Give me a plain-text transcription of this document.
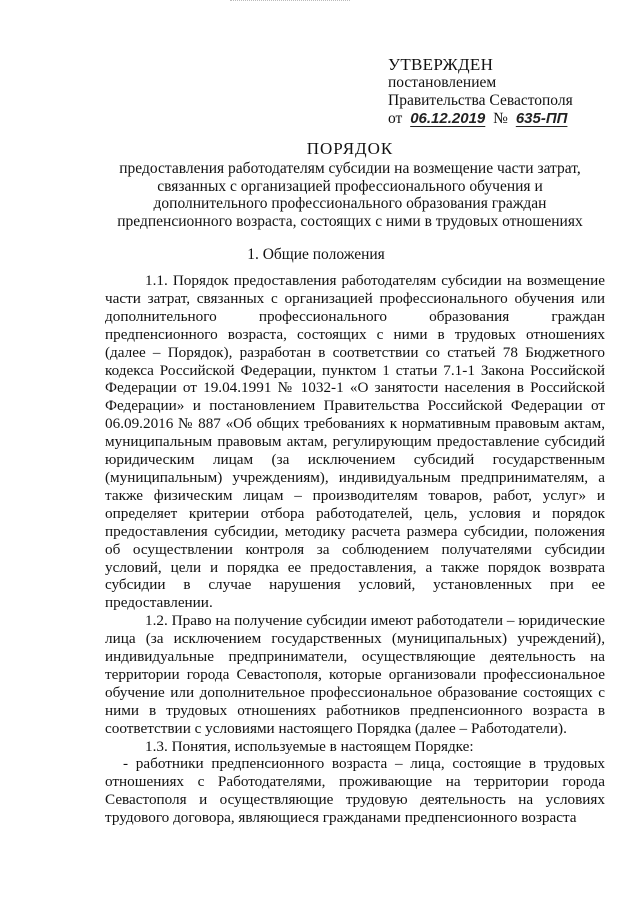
УТВЕРЖДЕН
постановлением
Правительства Севастополя
от 06.12.2019 № 635-ПП
ПОРЯДОК
предоставления работодателям субсидии на возмещение части затрат, связанных с организацией профессионального обучения и дополнительного профессионального образования граждан предпенсионного возраста, состоящих с ними в трудовых отношениях
1. Общие положения

1.1. Порядок предоставления работодателям субсидии на возмещение части затрат, связанных с организацией профессионального обучения или дополнительного профессионального образования граждан предпенсионного возраста, состоящих с ними в трудовых отношениях (далее – Порядок), разработан в соответствии со статьей 78 Бюджетного кодекса Российской Федерации, пунктом 1 статьи 7.1-1 Закона Российской Федерации от 19.04.1991 № 1032-1 «О занятости населения в Российской Федерации» и постановлением Правительства Российской Федерации от 06.09.2016 № 887 «Об общих требованиях к нормативным правовым актам, муниципальным правовым актам, регулирующим предоставление субсидий юридическим лицам (за исключением субсидий государственным (муниципальным) учреждениям), индивидуальным предпринимателям, а также физическим лицам – производителям товаров, работ, услуг» и определяет критерии отбора работодателей, цель, условия и порядок предоставления субсидии, методику расчета размера субсидии, положения об осуществлении контроля за соблюдением получателями субсидии условий, цели и порядка ее предоставления, а также порядок возврата субсидии в случае нарушения условий, установленных при ее предоставлении.

1.2. Право на получение субсидии имеют работодатели – юридические лица (за исключением государственных (муниципальных) учреждений), индивидуальные предприниматели, осуществляющие деятельность на территории города Севастополя, которые организовали профессиональное обучение или дополнительное профессиональное образование состоящих с ними в трудовых отношениях работников предпенсионного возраста в соответствии с условиями настоящего Порядка (далее – Работодатели).

1.3. Понятия, используемые в настоящем Порядке:

- работники предпенсионного возраста – лица, состоящие в трудовых отношениях с Работодателями, проживающие на территории города Севастополя и осуществляющие трудовую деятельность на условиях трудового договора, являющиеся гражданами предпенсионного возраста
